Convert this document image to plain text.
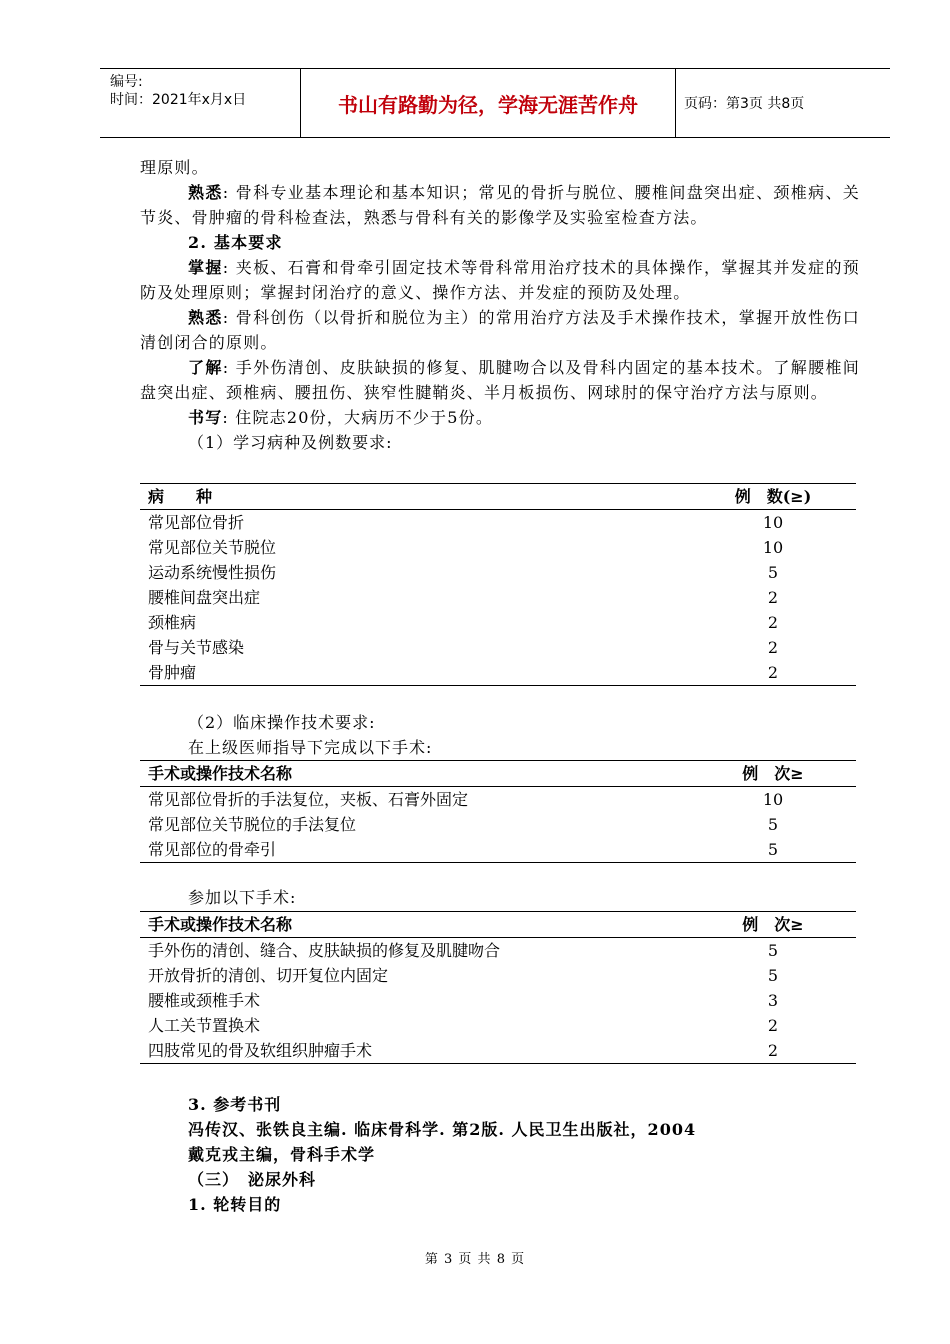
编号:
时间：2021年x月x日	书山有路勤为径，学海无涯苦作舟	页码：第3页 共8页

理原则。

熟悉: 骨科专业基本理论和基本知识；常见的骨折与脱位、腰椎间盘突出症、颈椎病、关节炎、骨肿瘤的骨科检查法，熟悉与骨科有关的影像学及实验室检查方法。

2. 基本要求

掌握: 夹板、石膏和骨牵引固定技术等骨科常用治疗技术的具体操作，掌握其并发症的预防及处理原则；掌握封闭治疗的意义、操作方法、并发症的预防及处理。

熟悉: 骨科创伤（以骨折和脱位为主）的常用治疗方法及手术操作技术，掌握开放性伤口清创闭合的原则。

了解: 手外伤清创、皮肤缺损的修复、肌腱吻合以及骨科内固定的基本技术。了解腰椎间盘突出症、颈椎病、腰扭伤、狭窄性腱鞘炎、半月板损伤、网球肘的保守治疗方法与原则。

书写: 住院志20份，大病历不少于5份。

（1）学习病种及例数要求:
病　　种	例　数(≥)
常见部位骨折	10
常见部位关节脱位	10
运动系统慢性损伤	5
腰椎间盘突出症	2
颈椎病	2
骨与关节感染	2
骨肿瘤	2
（2）临床操作技术要求:
在上级医师指导下完成以下手术:
手术或操作技术名称	例　次≥
常见部位骨折的手法复位，夹板、石膏外固定	10
常见部位关节脱位的手法复位	5
常见部位的骨牵引	5
参加以下手术:
手术或操作技术名称	例　次≥
手外伤的清创、缝合、皮肤缺损的修复及肌腱吻合	5
开放骨折的清创、切开复位内固定	5
腰椎或颈椎手术	3
人工关节置换术	2
四肢常见的骨及软组织肿瘤手术	2
3. 参考书刊
冯传汉、张铁良主编. 临床骨科学. 第2版. 人民卫生出版社，2004
戴克戎主编，骨科手术学
（三）　泌尿外科
1. 轮转目的
第 3 页 共 8 页
